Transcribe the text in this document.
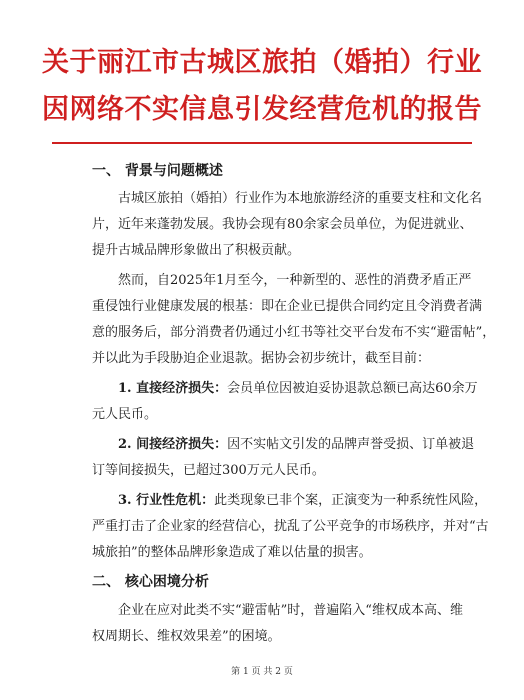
关于丽江市古城区旅拍（婚拍）行业
因网络不实信息引发经营危机的报告
一、 背景与问题概述
古城区旅拍（婚拍）行业作为本地旅游经济的重要支柱和文化名
片，近年来蓬勃发展。我协会现有80余家会员单位，为促进就业、
提升古城品牌形象做出了积极贡献。
然而，自2025年1月至今，一种新型的、恶性的消费矛盾正严
重侵蚀行业健康发展的根基：即在企业已提供合同约定且令消费者满
意的服务后，部分消费者仍通过小红书等社交平台发布不实“避雷帖”，
并以此为手段胁迫企业退款。据协会初步统计，截至目前：
1. 直接经济损失：会员单位因被迫妥协退款总额已高达60余万
元人民币。
2. 间接经济损失：因不实帖文引发的品牌声誉受损、订单被退
订等间接损失，已超过300万元人民币。
3. 行业性危机：此类现象已非个案，正演变为一种系统性风险，
严重打击了企业家的经营信心，扰乱了公平竞争的市场秩序，并对“古
城旅拍”的整体品牌形象造成了难以估量的损害。
二、 核心困境分析
企业在应对此类不实“避雷帖”时，普遍陷入“维权成本高、维
权周期长、维权效果差”的困境。
第 1 页 共 2 页
